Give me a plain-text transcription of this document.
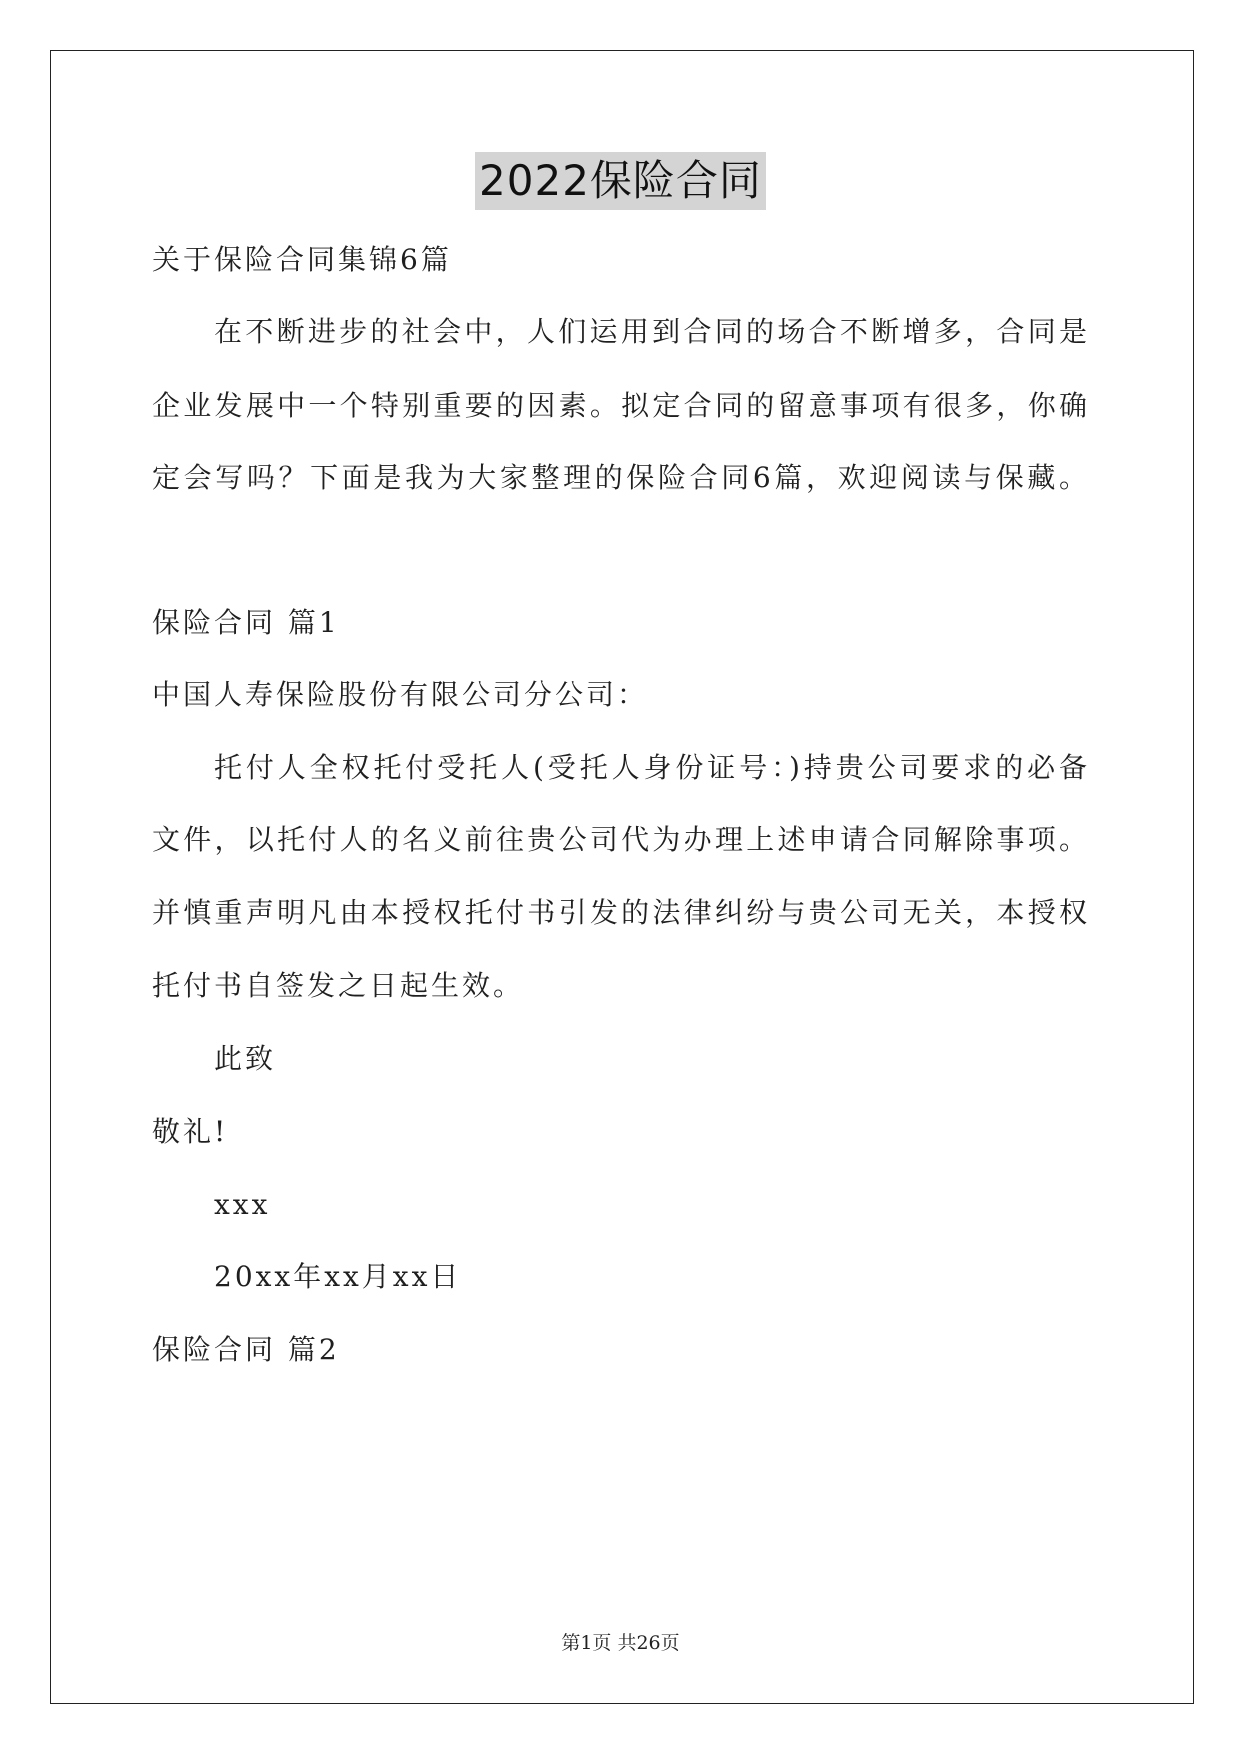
2022保险合同
关于保险合同集锦6篇
在不断进步的社会中，人们运用到合同的场合不断增多，合同是
企业发展中一个特别重要的因素。拟定合同的留意事项有很多，你确
定会写吗？下面是我为大家整理的保险合同6篇，欢迎阅读与保藏。
保险合同 篇1
中国人寿保险股份有限公司分公司：
托付人全权托付受托人(受托人身份证号：)持贵公司要求的必备
文件，以托付人的名义前往贵公司代为办理上述申请合同解除事项。
并慎重声明凡由本授权托付书引发的法律纠纷与贵公司无关，本授权
托付书自签发之日起生效。
此致
敬礼!
xxx
20xx年xx月xx日
保险合同 篇2
第1页 共26页
